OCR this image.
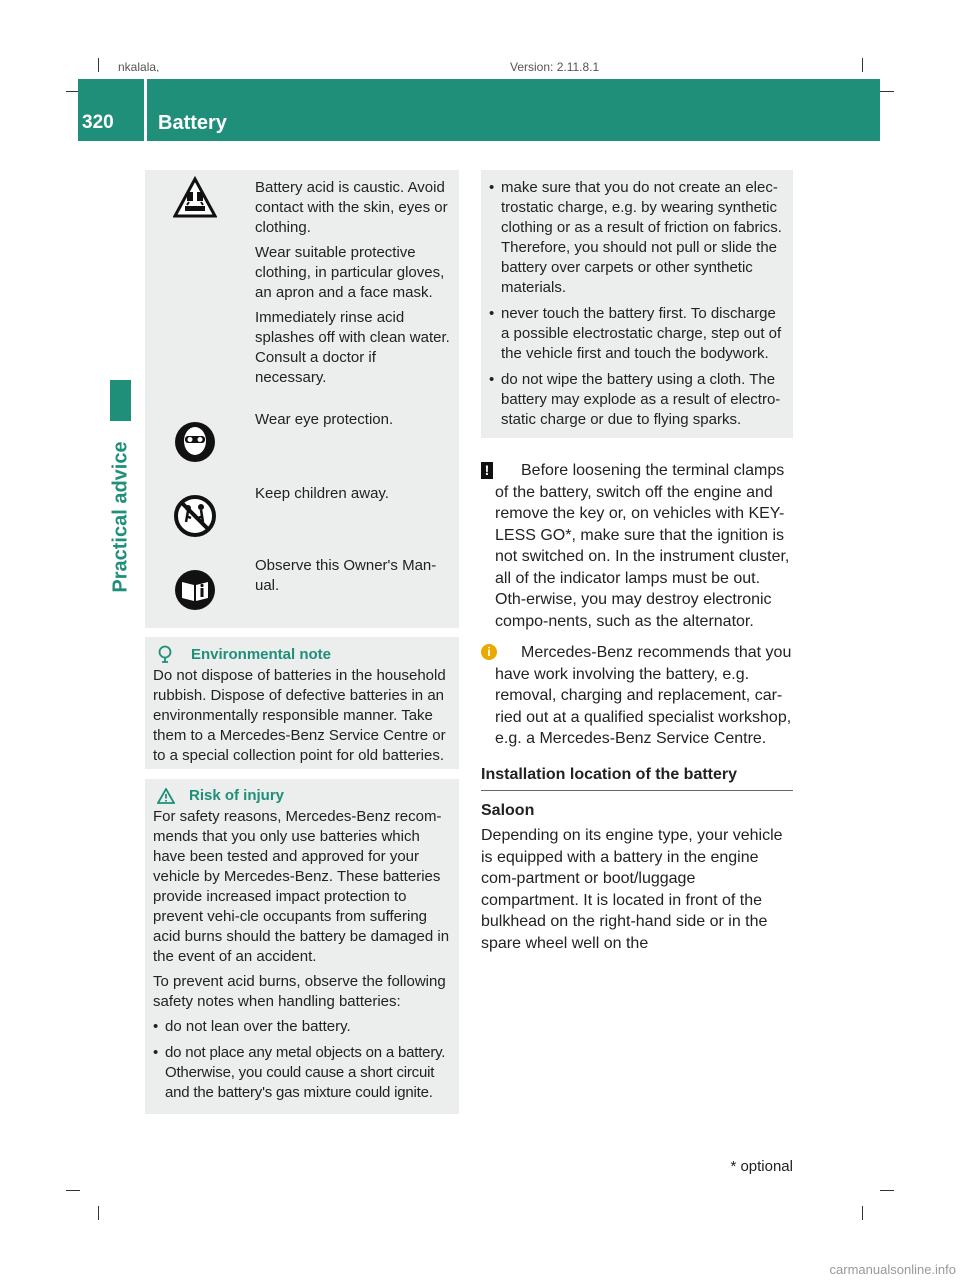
nkalala,	Version: 2.11.8.1
320 Battery
Practical advice

Battery acid is caustic. Avoid contact with the skin, eyes or clothing.

Wear suitable protective clothing, in particular gloves, an apron and a face mask.

Immediately rinse acid splashes off with clean water. Consult a doctor if necessary.

Wear eye protection.

Keep children away.

Observe this Owner's Man-ual.

Environmental note

Do not dispose of batteries in the household rubbish. Dispose of defective batteries in an environmentally responsible manner. Take them to a Mercedes-Benz Service Centre or to a special collection point for old batteries.

Risk of injury

For safety reasons, Mercedes-Benz recom-mends that you only use batteries which have been tested and approved for your vehicle by Mercedes-Benz. These batteries provide increased impact protection to prevent vehi-cle occupants from suffering acid burns should the battery be damaged in the event of an accident.

To prevent acid burns, observe the following safety notes when handling batteries:

• do not lean over the battery.
• do not place any metal objects on a battery. Otherwise, you could cause a short circuit and the battery's gas mixture could ignite.
• make sure that you do not create an elec-trostatic charge, e.g. by wearing synthetic clothing or as a result of friction on fabrics. Therefore, you should not pull or slide the battery over carpets or other synthetic materials.
• never touch the battery first. To discharge a possible electrostatic charge, step out of the vehicle first and touch the bodywork.
• do not wipe the battery using a cloth. The battery may explode as a result of electro-static charge or due to flying sparks.
!	Before loosening the terminal clamps of the battery, switch off the engine and remove the key or, on vehicles with KEY-LESS GO*, make sure that the ignition is not switched on. In the instrument cluster, all of the indicator lamps must be out. Oth-erwise, you may destroy electronic compo-nents, such as the alternator.

i	Mercedes-Benz recommends that you have work involving the battery, e.g. removal, charging and replacement, car-ried out at a qualified specialist workshop, e.g. a Mercedes-Benz Service Centre.

Installation location of the battery
Saloon

Depending on its engine type, your vehicle is equipped with a battery in the engine com-partment or boot/luggage compartment. It is located in front of the bulkhead on the right-hand side or in the spare wheel well on the

* optional
carmanualsonline.info
